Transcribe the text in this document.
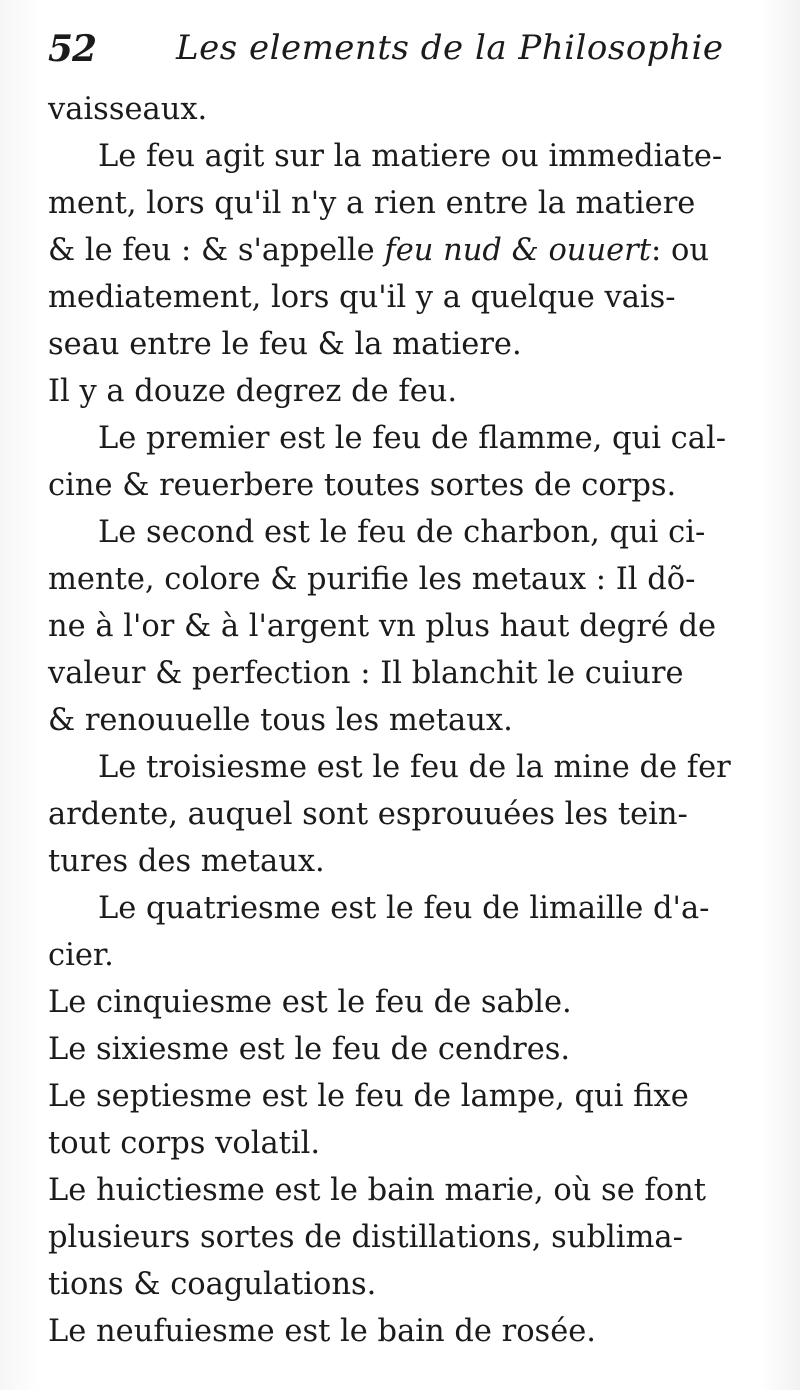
52 Les elements de la Philosophie
vaisseaux.
Le feu agit sur la matiere ou immediate-
ment, lors qu'il n'y a rien entre la matiere
& le feu : & s'appelle feu nud & ouuert: ou
mediatement, lors qu'il y a quelque vais-
seau entre le feu & la matiere.
Il y a douze degrez de feu.
Le premier est le feu de flamme, qui cal-
cine & reuerbere toutes sortes de corps.
Le second est le feu de charbon, qui ci-
mente, colore & purifie les metaux : Il dõ-
ne à l'or & à l'argent vn plus haut degré de
valeur & perfection : Il blanchit le cuiure
& renouuelle tous les metaux.
Le troisiesme est le feu de la mine de fer
ardente, auquel sont esprouuées les tein-
tures des metaux.
Le quatriesme est le feu de limaille d'a-
cier.
Le cinquiesme est le feu de sable.
Le sixiesme est le feu de cendres.
Le septiesme est le feu de lampe, qui fixe
tout corps volatil.
Le huictiesme est le bain marie, où se font
plusieurs sortes de distillations, sublima-
tions & coagulations.
Le neufuiesme est le bain de rosée.
